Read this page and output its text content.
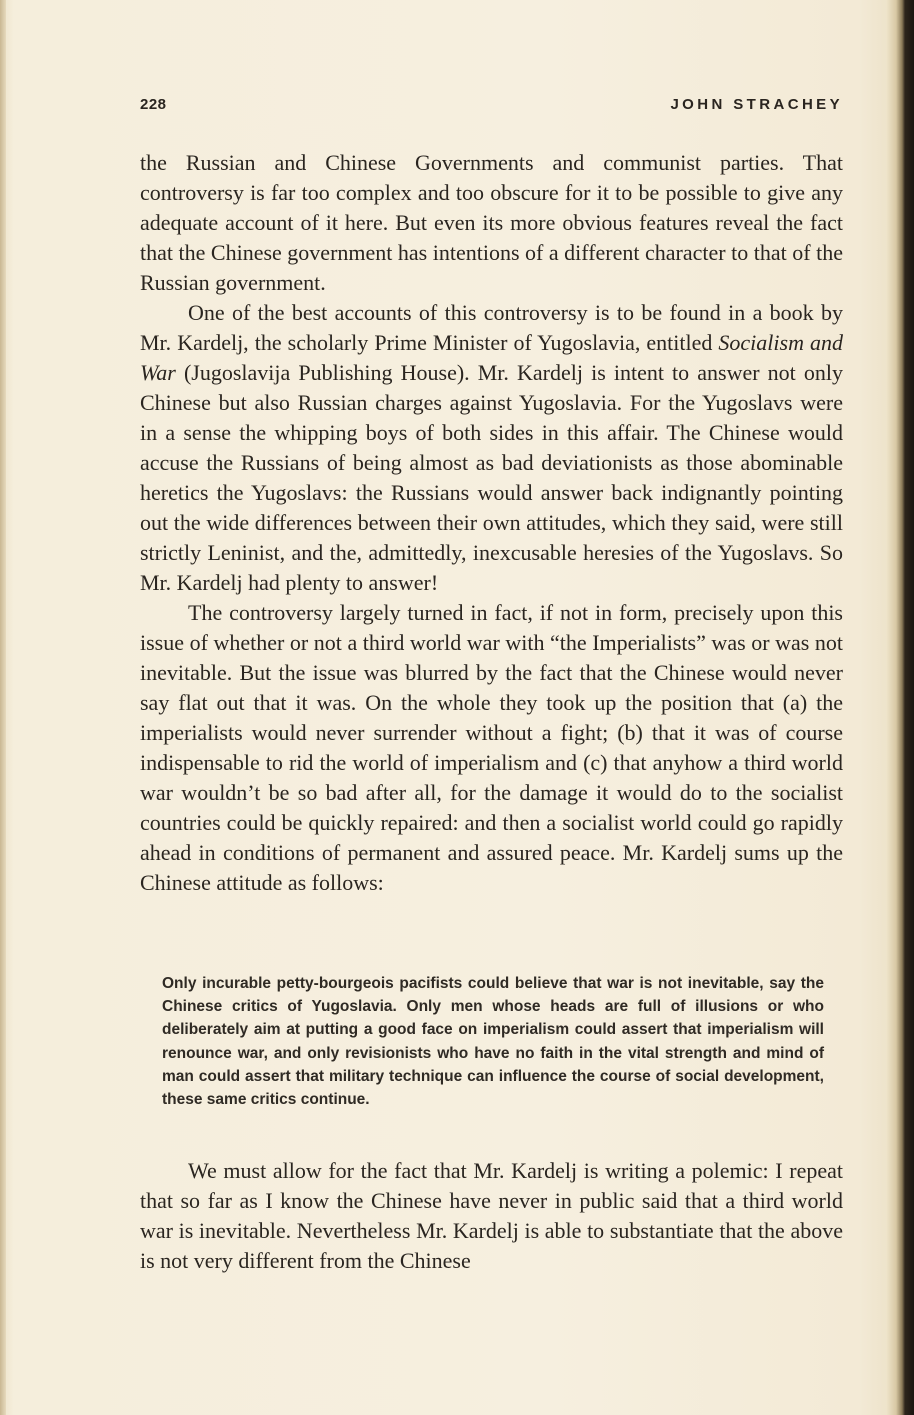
228	JOHN STRACHEY

the Russian and Chinese Governments and communist parties. That controversy is far too complex and too obscure for it to be possible to give any adequate account of it here. But even its more obvious features reveal the fact that the Chinese government has intentions of a different character to that of the Russian government.

One of the best accounts of this controversy is to be found in a book by Mr. Kardelj, the scholarly Prime Minister of Yugoslavia, entitled Socialism and War (Jugoslavija Publishing House). Mr. Kardelj is intent to answer not only Chinese but also Russian charges against Yugoslavia. For the Yugoslavs were in a sense the whipping boys of both sides in this affair. The Chinese would accuse the Russians of being almost as bad deviationists as those abominable heretics the Yugoslavs: the Russians would answer back indignantly pointing out the wide differences between their own attitudes, which they said, were still strictly Leninist, and the, admittedly, inexcusable heresies of the Yugoslavs. So Mr. Kardelj had plenty to answer!

The controversy largely turned in fact, if not in form, precisely upon this issue of whether or not a third world war with “the Imperialists” was or was not inevitable. But the issue was blurred by the fact that the Chinese would never say flat out that it was. On the whole they took up the position that (a) the imperialists would never surrender without a fight; (b) that it was of course indispensable to rid the world of imperialism and (c) that anyhow a third world war wouldn’t be so bad after all, for the damage it would do to the socialist countries could be quickly repaired: and then a socialist world could go rapidly ahead in conditions of permanent and assured peace. Mr. Kardelj sums up the Chinese attitude as follows:

Only incurable petty-bourgeois pacifists could believe that war is not inevitable, say the Chinese critics of Yugoslavia. Only men whose heads are full of illusions or who deliberately aim at putting a good face on imperialism could assert that imperialism will renounce war, and only revisionists who have no faith in the vital strength and mind of man could assert that military technique can influence the course of social development, these same critics continue.

We must allow for the fact that Mr. Kardelj is writing a polemic: I repeat that so far as I know the Chinese have never in public said that a third world war is inevitable. Nevertheless Mr. Kardelj is able to substantiate that the above is not very different from the Chinese
